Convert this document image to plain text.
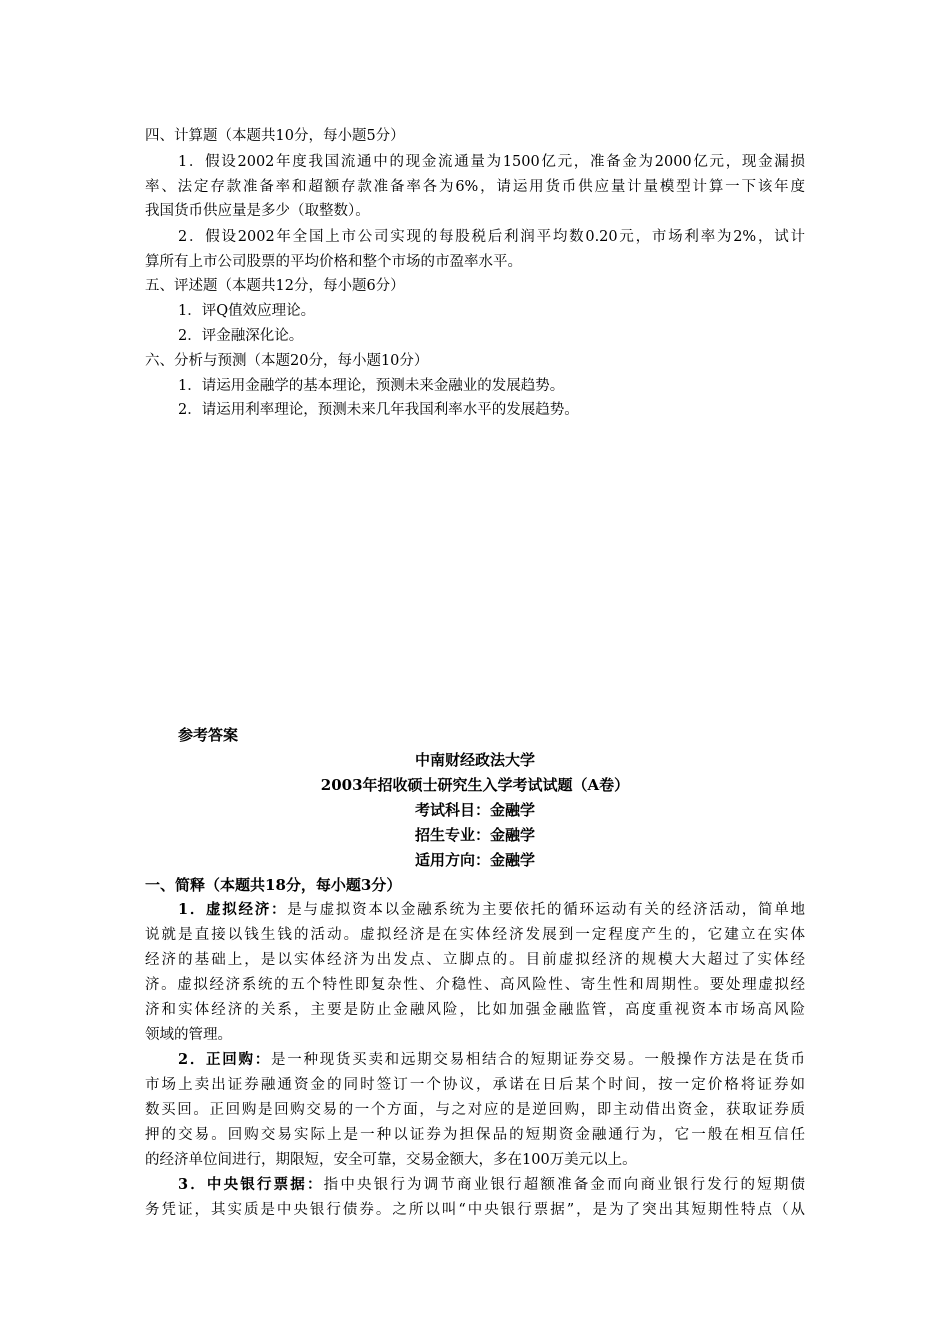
四、计算题（本题共10分，每小题5分）
1．假设2002年度我国流通中的现金流通量为1500亿元，准备金为2000亿元，现金漏损
率、法定存款准备率和超额存款准备率各为6%，请运用货币供应量计量模型计算一下该年度
我国货币供应量是多少（取整数）。
2．假设2002年全国上市公司实现的每股税后利润平均数0.20元，市场利率为2%，试计
算所有上市公司股票的平均价格和整个市场的市盈率水平。
五、评述题（本题共12分，每小题6分）
1．评Q值效应理论。
2．评金融深化论。
六、分析与预测（本题20分，每小题10分）
1．请运用金融学的基本理论，预测未来金融业的发展趋势。
2．请运用利率理论，预测未来几年我国利率水平的发展趋势。
参考答案
中南财经政法大学
2003年招收硕士研究生入学考试试题（A卷）
考试科目：金融学
招生专业：金融学
适用方向：金融学
一、简释（本题共18分，每小题3分）
1．虚拟经济：是与虚拟资本以金融系统为主要依托的循环运动有关的经济活动，简单地
说就是直接以钱生钱的活动。虚拟经济是在实体经济发展到一定程度产生的，它建立在实体
经济的基础上，是以实体经济为出发点、立脚点的。目前虚拟经济的规模大大超过了实体经
济。虚拟经济系统的五个特性即复杂性、介稳性、高风险性、寄生性和周期性。要处理虚拟经
济和实体经济的关系，主要是防止金融风险，比如加强金融监管，高度重视资本市场高风险
领域的管理。
2．正回购：是一种现货买卖和远期交易相结合的短期证券交易。一般操作方法是在货币
市场上卖出证券融通资金的同时签订一个协议，承诺在日后某个时间，按一定价格将证券如
数买回。正回购是回购交易的一个方面，与之对应的是逆回购，即主动借出资金，获取证券质
押的交易。回购交易实际上是一种以证券为担保品的短期资金融通行为，它一般在相互信任
的经济单位间进行，期限短，安全可靠，交易金额大，多在100万美元以上。
3．中央银行票据：指中央银行为调节商业银行超额准备金而向商业银行发行的短期债
务凭证，其实质是中央银行债券。之所以叫“中央银行票据”，是为了突出其短期性特点（从
